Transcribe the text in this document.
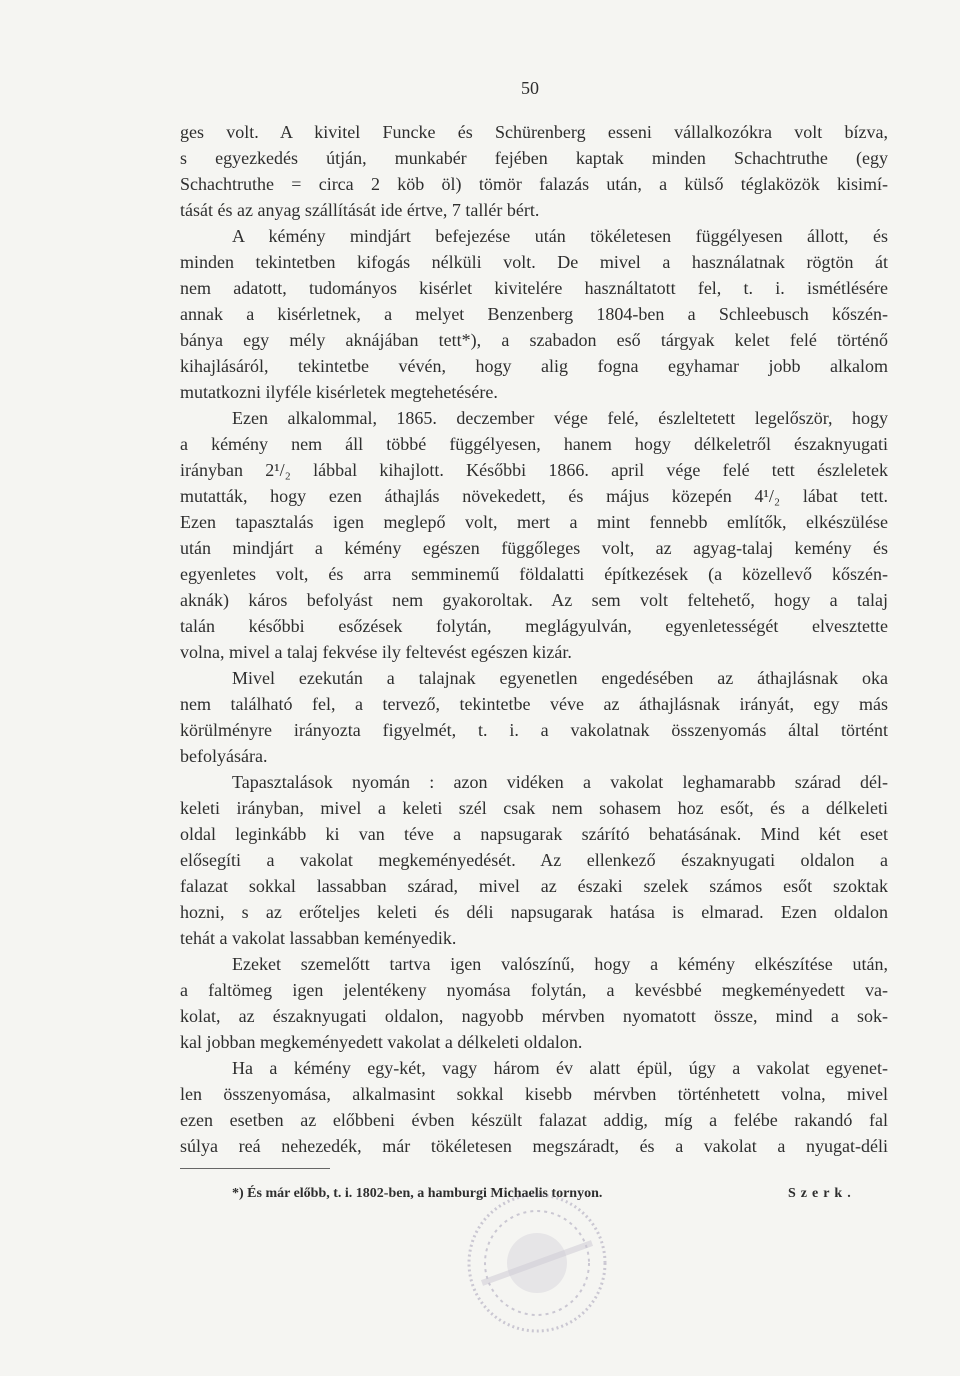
50
ges volt. A kivitel Funcke és Schürenberg esseni vállalkozókra volt bízva,
s egyezkedés útján, munkabér fejében kaptak minden Schachtruthe (egy
Schachtruthe = circa 2 köb öl) tömör falazás után, a külső téglaközök kisimí-
tását és az anyag szállítását ide értve, 7 tallér bért.
A kémény mindjárt befejezése után tökéletesen függélyesen állott, és
minden tekintetben kifogás nélküli volt. De mivel a használatnak rögtön át
nem adatott, tudományos kisérlet kivitelére használtatott fel, t. i. ismétlésére
annak a kisérletnek, a melyet Benzenberg 1804-ben a Schleebusch kőszén-
bánya egy mély aknájában tett*), a szabadon eső tárgyak kelet felé történő
kihajlásáról, tekintetbe vévén, hogy alig fogna egyhamar jobb alkalom
mutatkozni ilyféle kisérletek megtehetésére.
Ezen alkalommal, 1865. deczember vége felé, észleltetett legelőször, hogy
a kémény nem áll többé függélyesen, hanem hogy délkeletről északnyugati
irányban 2¹/₂ lábbal kihajlott. Későbbi 1866. april vége felé tett észleletek
mutatták, hogy ezen áthajlás növekedett, és május közepén 4¹/₂ lábat tett.
Ezen tapasztalás igen meglepő volt, mert a mint fennebb említők, elkészülése
után mindjárt a kémény egészen függőleges volt, az agyag-talaj kemény és
egyenletes volt, és arra semminemű földalatti építkezések (a közellevő kőszén-
aknák) káros befolyást nem gyakoroltak. Az sem volt feltehető, hogy a talaj
talán későbbi esőzések folytán, meglágyulván, egyenletességét elvesztette
volna, mivel a talaj fekvése ily feltevést egészen kizár.
Mivel ezekután a talajnak egyenetlen engedésében az áthajlásnak oka
nem található fel, a tervező, tekintetbe véve az áthajlásnak irányát, egy más
körülményre irányozta figyelmét, t. i. a vakolatnak összenyomás által történt
befolyására.
Tapasztalások nyomán : azon vidéken a vakolat leghamarabb szárad dél-
keleti irányban, mivel a keleti szél csak nem sohasem hoz esőt, és a délkeleti
oldal leginkább ki van téve a napsugarak szárító behatásának. Mind két eset
elősegíti a vakolat megkeményedését. Az ellenkező északnyugati oldalon a
falazat sokkal lassabban szárad, mivel az északi szelek számos esőt szoktak
hozni, s az erőteljes keleti és déli napsugarak hatása is elmarad. Ezen oldalon
tehát a vakolat lassabban keményedik.
Ezeket szemelőtt tartva igen valószínű, hogy a kémény elkészítése után,
a faltömeg igen jelentékeny nyomása folytán, a kevésbbé megkeményedett va-
kolat, az északnyugati oldalon, nagyobb mérvben nyomatott össze, mind a sok-
kal jobban megkeményedett vakolat a délkeleti oldalon.
Ha a kémény egy-két, vagy három év alatt épül, úgy a vakolat egyenet-
len összenyomása, alkalmasint sokkal kisebb mérvben történhetett volna, mivel
ezen esetben az előbbeni évben készült falazat addig, míg a felébe rakandó fal
súlya reá nehezedék, már tökéletesen megszáradt, és a vakolat a nyugat-déli
*) És már előbb, t. i. 1802-ben, a hamburgi Michaelis tornyon.	Szerk.
